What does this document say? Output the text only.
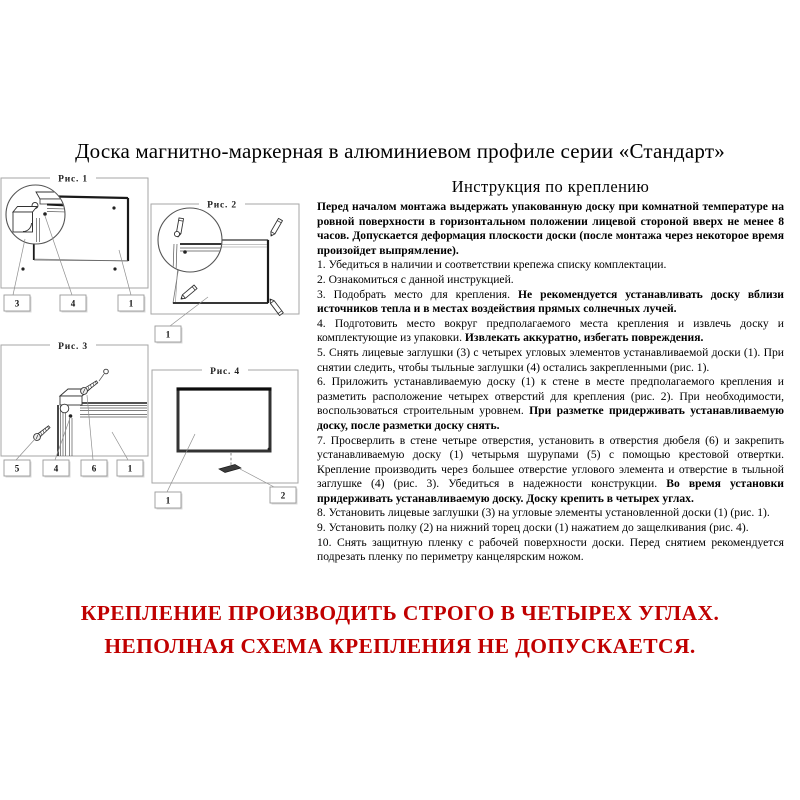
Доска магнитно-маркерная в алюминиевом профиле серии «Стандарт»
3	4	1
Рис. 1
1
Рис. 2
5	4	6	1
Рис. 3
1	2
Рис. 4
Инструкция по креплению

Перед началом монтажа выдержать упакованную доску при комнатной температуре на ровной поверхности в горизонтальном положении лицевой стороной вверх не менее 8 часов. Допускается деформация плоскости доски (после монтажа через некоторое время произойдет выпрямление).

1. Убедиться в наличии и соответствии крепежа списку комплектации.

2. Ознакомиться с данной инструкцией.

3. Подобрать место для крепления. Не рекомендуется устанавливать доску вблизи источников тепла и в местах воздействия прямых солнечных лучей.

4. Подготовить место вокруг предполагаемого места крепления и извлечь доску и комплектующие из упаковки. Извлекать аккуратно, избегать повреждения.

5. Снять лицевые заглушки (3) с четырех угловых элементов устанавливаемой доски (1). При снятии следить, чтобы тыльные заглушки (4) остались закрепленными (рис. 1).

6. Приложить устанавливаемую доску (1) к стене в месте предполагаемого крепления и разметить расположение четырех отверстий для крепления (рис. 2). При необходимости, воспользоваться строительным уровнем. При разметке придерживать устанавливаемую доску, после разметки доску снять.

7. Просверлить в стене четыре отверстия, установить в отверстия дюбеля (6) и закрепить устанавливаемую доску (1) четырьмя шурупами (5) с помощью крестовой отвертки. Крепление производить через большее отверстие углового элемента и отверстие в тыльной заглушке (4) (рис. 3). Убедиться в надежности конструкции. Во время установки придерживать устанавливаемую доску. Доску крепить в четырех углах.

8. Установить лицевые заглушки (3) на угловые элементы установленной доски (1) (рис. 1).

9. Установить полку (2) на нижний торец доски (1) нажатием до защелкивания (рис. 4).

10. Снять защитную пленку с рабочей поверхности доски. Перед снятием рекомендуется подрезать пленку по периметру канцелярским ножом.

КРЕПЛЕНИЕ ПРОИЗВОДИТЬ СТРОГО В ЧЕТЫРЕХ УГЛАХ.
НЕПОЛНАЯ СХЕМА КРЕПЛЕНИЯ НЕ ДОПУСКАЕТСЯ.
